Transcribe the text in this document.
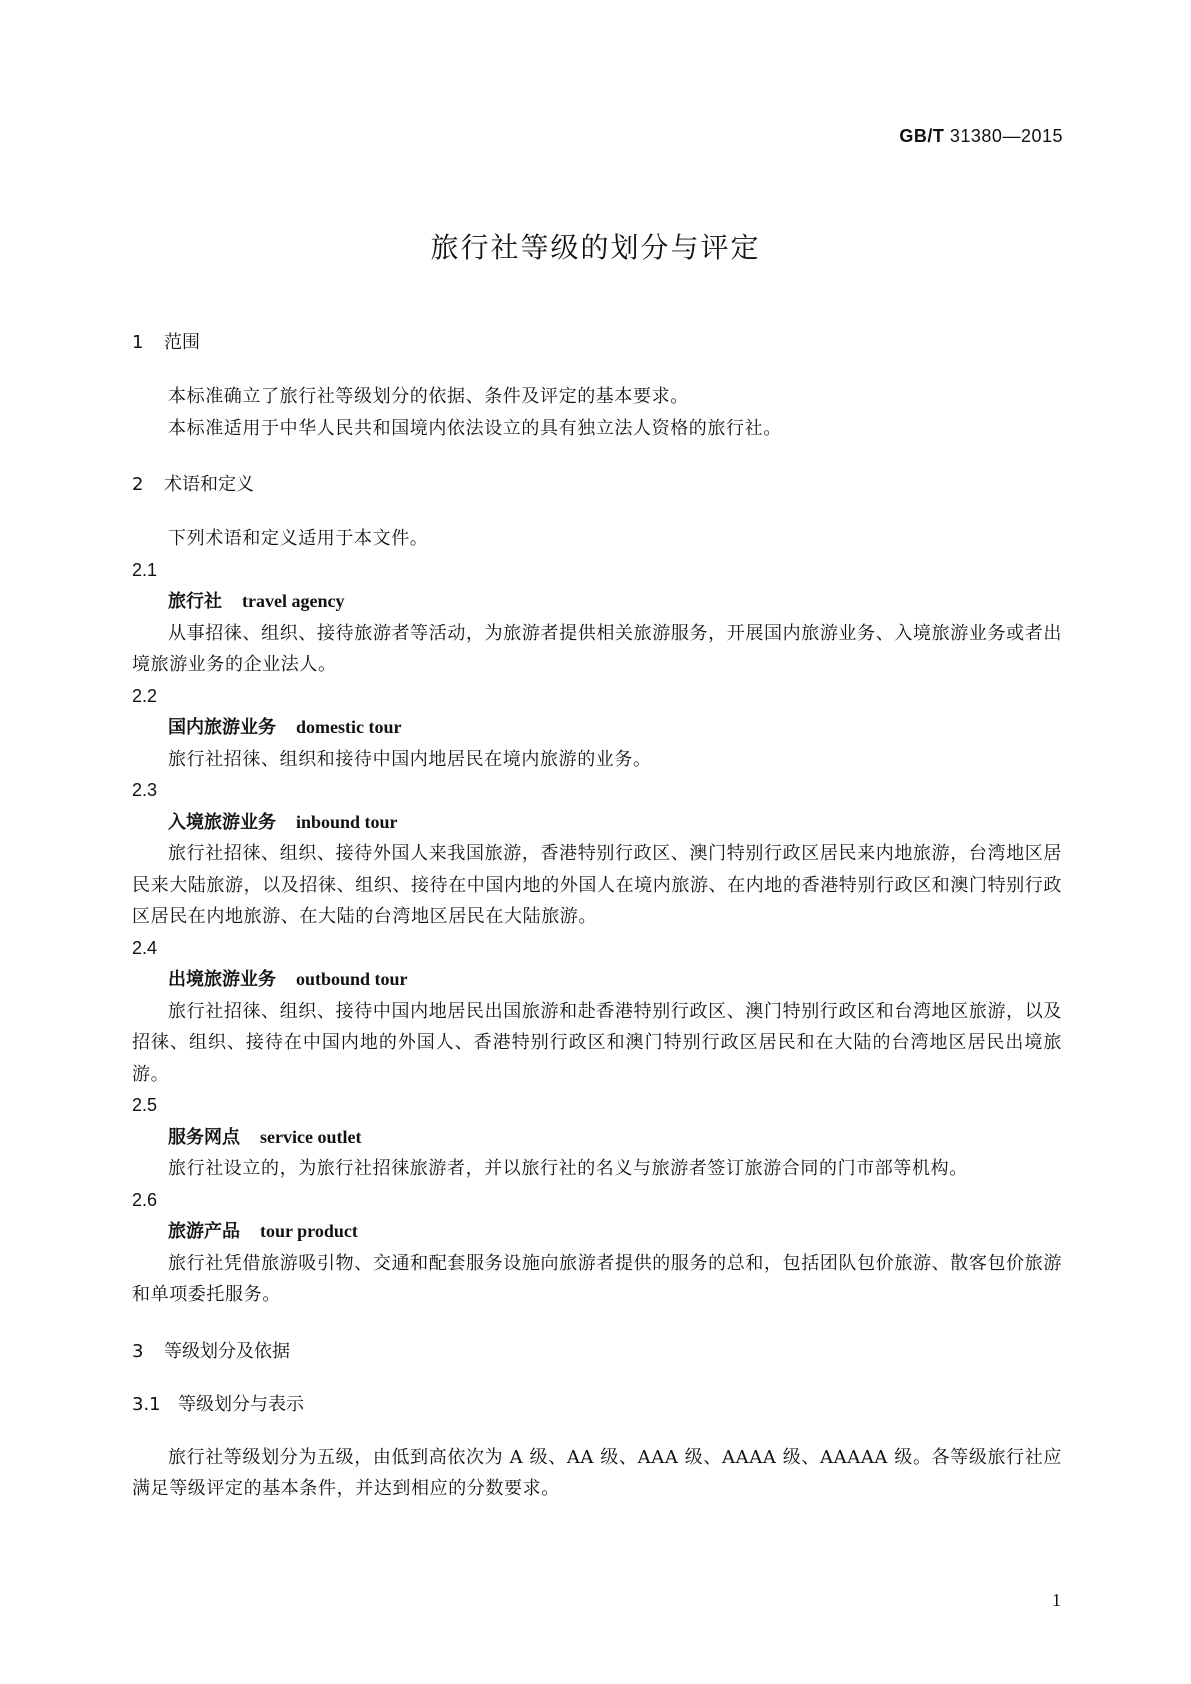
GB/T 31380—2015
旅行社等级的划分与评定
1 范围

本标准确立了旅行社等级划分的依据、条件及评定的基本要求。

本标准适用于中华人民共和国境内依法设立的具有独立法人资格的旅行社。

2 术语和定义

下列术语和定义适用于本文件。

2.1

旅行社 travel agency

从事招徕、组织、接待旅游者等活动，为旅游者提供相关旅游服务，开展国内旅游业务、入境旅游业务或者出境旅游业务的企业法人。

2.2

国内旅游业务 domestic tour

旅行社招徕、组织和接待中国内地居民在境内旅游的业务。

2.3

入境旅游业务 inbound tour

旅行社招徕、组织、接待外国人来我国旅游，香港特别行政区、澳门特别行政区居民来内地旅游，台湾地区居民来大陆旅游，以及招徕、组织、接待在中国内地的外国人在境内旅游、在内地的香港特别行政区和澳门特别行政区居民在内地旅游、在大陆的台湾地区居民在大陆旅游。

2.4

出境旅游业务 outbound tour

旅行社招徕、组织、接待中国内地居民出国旅游和赴香港特别行政区、澳门特别行政区和台湾地区旅游，以及招徕、组织、接待在中国内地的外国人、香港特别行政区和澳门特别行政区居民和在大陆的台湾地区居民出境旅游。

2.5

服务网点 service outlet

旅行社设立的，为旅行社招徕旅游者，并以旅行社的名义与旅游者签订旅游合同的门市部等机构。

2.6

旅游产品 tour product

旅行社凭借旅游吸引物、交通和配套服务设施向旅游者提供的服务的总和，包括团队包价旅游、散客包价旅游和单项委托服务。

3 等级划分及依据
3.1 等级划分与表示

旅行社等级划分为五级，由低到高依次为 A 级、AA 级、AAA 级、AAAA 级、AAAAA 级。各等级旅行社应满足等级评定的基本条件，并达到相应的分数要求。

1
